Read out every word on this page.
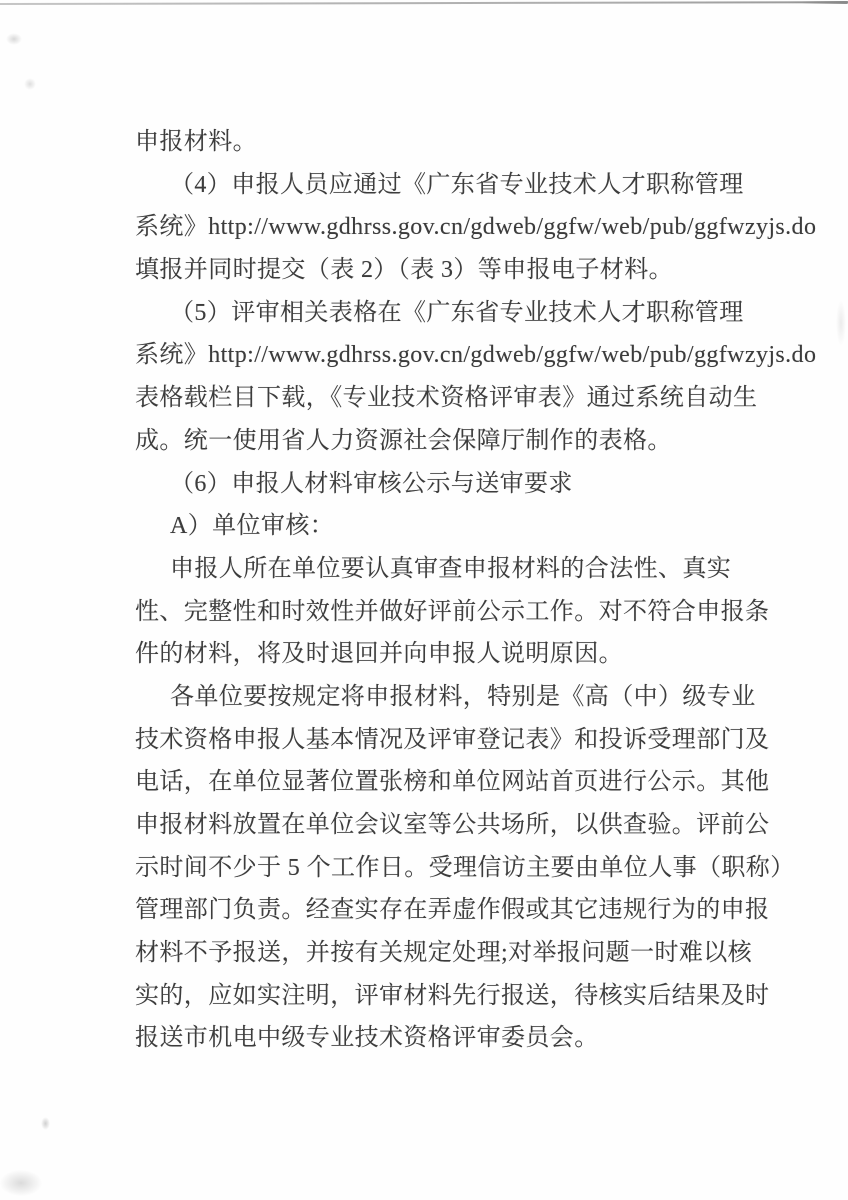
申报材料。
（4）申报人员应通过《广东省专业技术人才职称管理
系统》http://www.gdhrss.gov.cn/gdweb/ggfw/web/pub/ggfwzyjs.do
填报并同时提交（表 2）（表 3）等申报电子材料。
（5）评审相关表格在《广东省专业技术人才职称管理
系统》http://www.gdhrss.gov.cn/gdweb/ggfw/web/pub/ggfwzyjs.do
表格载栏目下载，《专业技术资格评审表》通过系统自动生
成。统一使用省人力资源社会保障厅制作的表格。
（6）申报人材料审核公示与送审要求
A）单位审核：
申报人所在单位要认真审查申报材料的合法性、真实
性、完整性和时效性并做好评前公示工作。对不符合申报条
件的材料，将及时退回并向申报人说明原因。
各单位要按规定将申报材料，特别是《高（中）级专业
技术资格申报人基本情况及评审登记表》和投诉受理部门及
电话，在单位显著位置张榜和单位网站首页进行公示。其他
申报材料放置在单位会议室等公共场所，以供查验。评前公
示时间不少于 5 个工作日。受理信访主要由单位人事（职称）
管理部门负责。经查实存在弄虚作假或其它违规行为的申报
材料不予报送，并按有关规定处理;对举报问题一时难以核
实的，应如实注明，评审材料先行报送，待核实后结果及时
报送市机电中级专业技术资格评审委员会。
